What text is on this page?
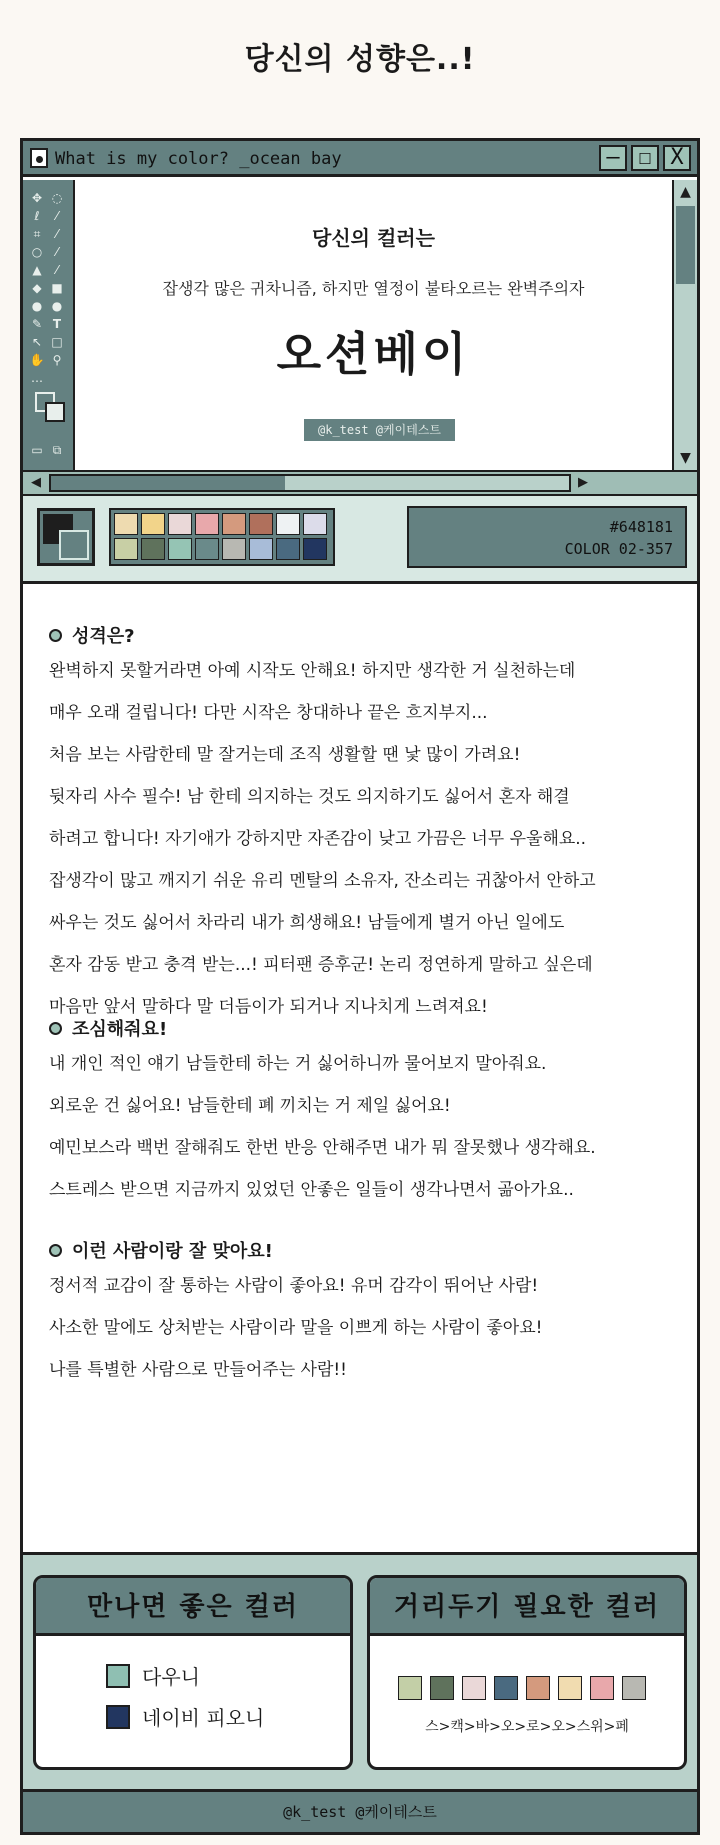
당신의 성향은..!
What is my color? _ocean bay	— ☐ X
✥ ◌
ℓ	⁄
⌗	⁄
○	⁄
▲	⁄
◆ ■
● ●
✎ T
↖ □
✋ ⚲
…
▭ ⧉
당신의 컬러는
잡생각 많은 귀차니즘, 하지만 열정이 불타오르는 완벽주의자
오션베이
@k_test @케이테스트
▲
▼
◀	▶
#648181
COLOR 02-357
성격은?
완벽하지 못할거라면 아예 시작도 안해요! 하지만 생각한 거 실천하는데
매우 오래 걸립니다! 다만 시작은 창대하나 끝은 흐지부지...
처음 보는 사람한테 말 잘거는데 조직 생활할 땐 낯 많이 가려요!
뒷자리 사수 필수! 남 한테 의지하는 것도 의지하기도 싫어서 혼자 해결
하려고 합니다! 자기애가 강하지만 자존감이 낮고 가끔은 너무 우울해요..
잡생각이 많고 깨지기 쉬운 유리 멘탈의 소유자, 잔소리는 귀찮아서 안하고
싸우는 것도 싫어서 차라리 내가 희생해요! 남들에게 별거 아닌 일에도
혼자 감동 받고 충격 받는...! 피터팬 증후군! 논리 정연하게 말하고 싶은데
마음만 앞서 말하다 말 더듬이가 되거나 지나치게 느려져요!
조심해줘요!
내 개인 적인 얘기 남들한테 하는 거 싫어하니까 물어보지 말아줘요.
외로운 건 싫어요! 남들한테 폐 끼치는 거 제일 싫어요!
예민보스라 백번 잘해줘도 한번 반응 안해주면 내가 뭐 잘못했나 생각해요.
스트레스 받으면 지금까지 있었던 안좋은 일들이 생각나면서 곪아가요..
이런 사람이랑 잘 맞아요!
정서적 교감이 잘 통하는 사람이 좋아요! 유머 감각이 뛰어난 사람!
사소한 말에도 상처받는 사람이라 말을 이쁘게 하는 사람이 좋아요!
나를 특별한 사람으로 만들어주는 사람!!
만나면 좋은 컬러
다우니
네이비 피오니
거리두기 필요한 컬러
스>캑>바>오>로>오>스위>페
@k_test @케이테스트
